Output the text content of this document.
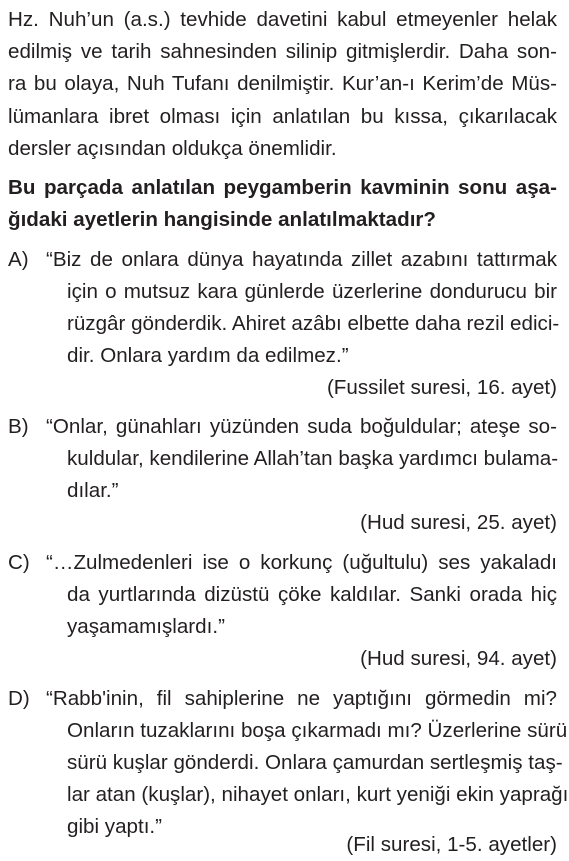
Hz. Nuh’un (a.s.) tevhide davetini kabul etmeyenler helak
edilmiş ve tarih sahnesinden silinip gitmişlerdir. Daha son-
ra bu olaya, Nuh Tufanı denilmiştir. Kur’an-ı Kerim’de Müs-
lümanlara ibret olması için anlatılan bu kıssa, çıkarılacak
dersler açısından oldukça önemlidir.
Bu parçada anlatılan peygamberin kavminin sonu aşa-
ğıdaki ayetlerin hangisinde anlatılmaktadır?
A) “Biz de onlara dünya hayatında zillet azabını tattırmak
için o mutsuz kara günlerde üzerlerine dondurucu bir
rüzgâr gönderdik. Ahiret azâbı elbette daha rezil edici-
dir. Onlara yardım da edilmez.”
(Fussilet suresi, 16. ayet)
B) “Onlar, günahları yüzünden suda boğuldular; ateşe so-
kuldular, kendilerine Allah’tan başka yardımcı bulama-
dılar.”
(Hud suresi, 25. ayet)
C) “…Zulmedenleri ise o korkunç (uğultulu) ses yakaladı
da yurtlarında dizüstü çöke kaldılar. Sanki orada hiç
yaşamamışlardı.”
(Hud suresi, 94. ayet)
D) “Rabb'inin, fil sahiplerine ne yaptığını görmedin mi?
Onların tuzaklarını boşa çıkarmadı mı? Üzerlerine sürü
sürü kuşlar gönderdi. Onlara çamurdan sertleşmiş taş-
lar atan (kuşlar), nihayet onları, kurt yeniği ekin yaprağı
gibi yaptı.”
(Fil suresi, 1-5. ayetler)
